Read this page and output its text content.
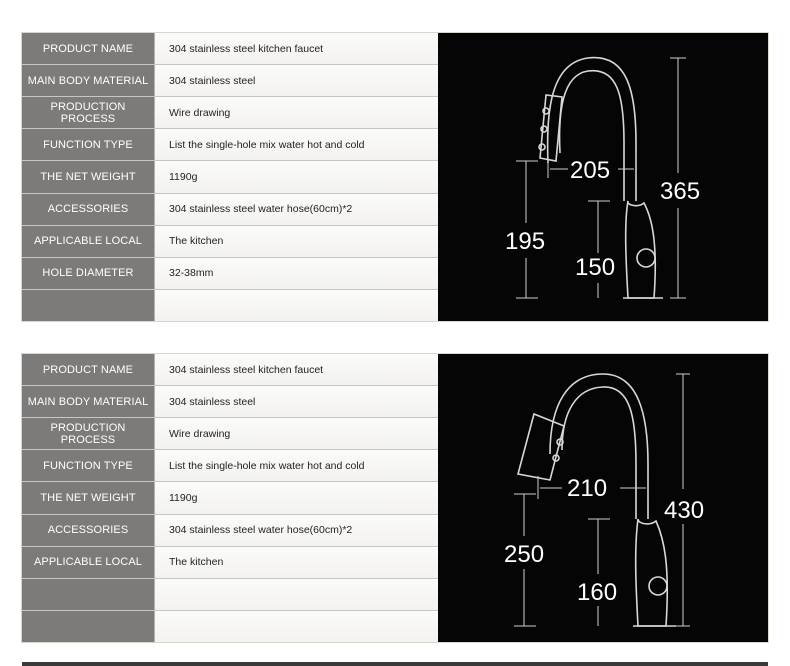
PRODUCT NAME	304 stainless steel kitchen faucet
MAIN BODY MATERIAL	304 stainless steel
PRODUCTION PROCESS	Wire drawing
FUNCTION TYPE	List the single-hole mix water hot and cold
THE NET WEIGHT	1190g
ACCESSORIES	304 stainless steel water hose(60cm)*2
APPLICABLE LOCAL	The kitchen
HOLE DIAMETER	32-38mm
205
365
195
150
PRODUCT NAME	304 stainless steel kitchen faucet
MAIN BODY MATERIAL	304 stainless steel
PRODUCTION PROCESS	Wire drawing
FUNCTION TYPE	List the single-hole mix water hot and cold
THE NET WEIGHT	1190g
ACCESSORIES	304 stainless steel water hose(60cm)*2
APPLICABLE LOCAL	The kitchen
210
430
250
160
